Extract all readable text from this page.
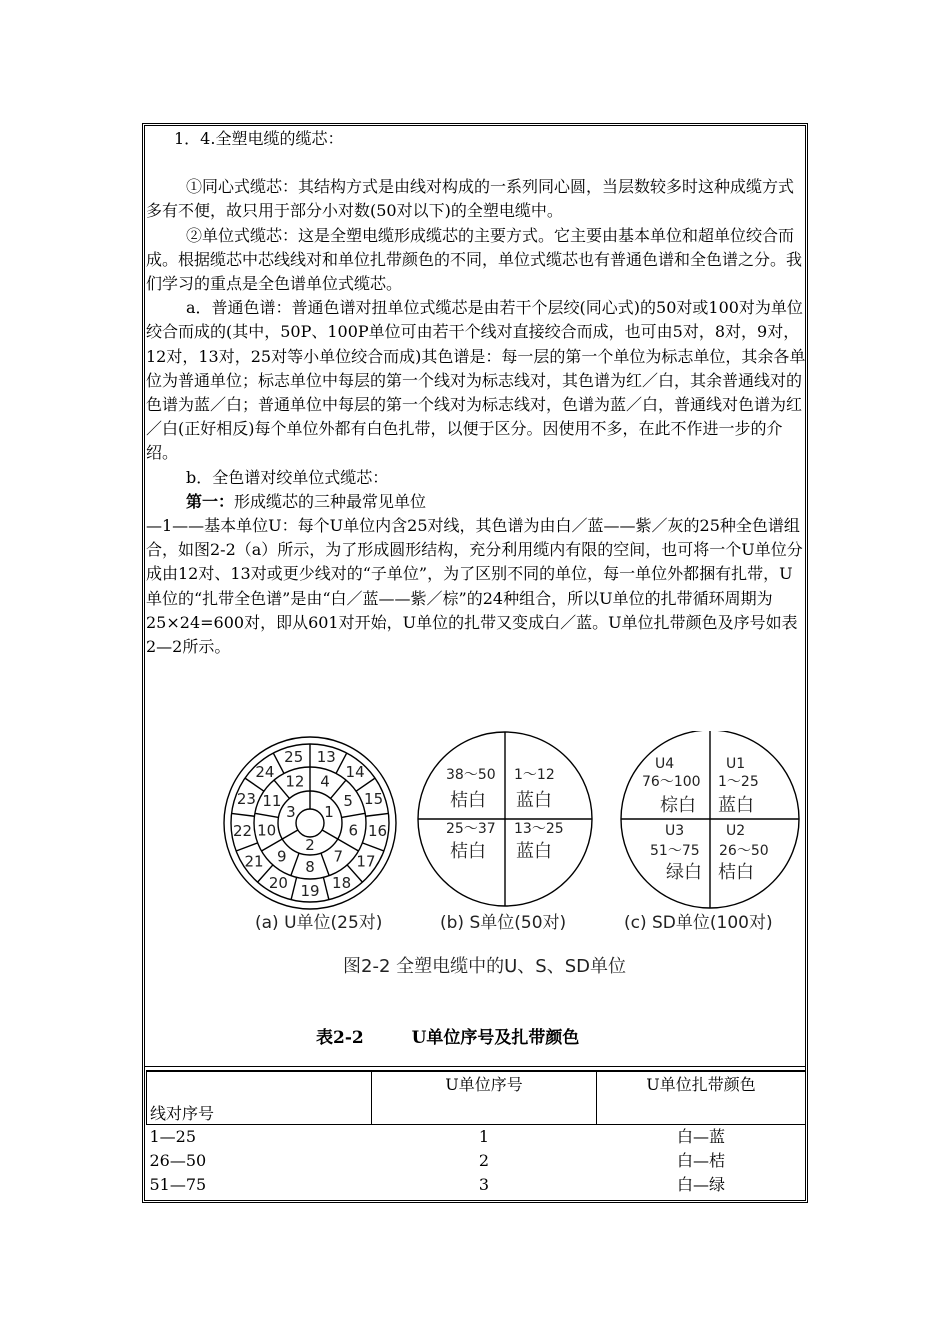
1．4.全塑电缆的缆芯：

①同心式缆芯：其结构方式是由线对构成的一系列同心圆，当层数较多时这种成缆方式多有不便，故只用于部分小对数(50对以下)的全塑电缆中。

②单位式缆芯：这是全塑电缆形成缆芯的主要方式。它主要由基本单位和超单位绞合而成。根据缆芯中芯线线对和单位扎带颜色的不同，单位式缆芯也有普通色谱和全色谱之分。我们学习的重点是全色谱单位式缆芯。

a．普通色谱：普通色谱对扭单位式缆芯是由若干个层绞(同心式)的50对或100对为单位绞合而成的(其中，50P、100P单位可由若干个线对直接绞合而成，也可由5对，8对，9对，12对，13对，25对等小单位绞合而成)其色谱是：每一层的第一个单位为标志单位，其余各单位为普通单位；标志单位中每层的第一个线对为标志线对，其色谱为红／白，其余普通线对的色谱为蓝／白；普通单位中每层的第一个线对为标志线对，色谱为蓝／白，普通线对色谱为红／白(正好相反)每个单位外都有白色扎带，以便于区分。因使用不多，在此不作进一步的介绍。

b．全色谱对绞单位式缆芯：

第一：形成缆芯的三种最常见单位

—1——基本单位U：每个U单位内含25对线，其色谱为由白／蓝——紫／灰的25种全色谱组合，如图2-2（a）所示，为了形成圆形结构，充分利用缆内有限的空间，也可将一个U单位分成由12对、13对或更少线对的“子单位”，为了区别不同的单位，每一单位外都捆有扎带，U单位的“扎带全色谱”是由“白／蓝——紫／棕”的24种组合，所以U单位的扎带循环周期为

25×24=600对，即从601对开始，U单位的扎带又变成白／蓝。U单位扎带颜色及序号如表2—2所示。

1
2
3
4
5
6
7
8
9
10
11
12
13
14
15
16
17
18
19
20
21
22
23
24
25
38～50
桔白
1～12
蓝白
25～37
桔白
13～25
蓝白
U4
76～100
棕白
U1
1～25
蓝白
U3
51～75
绿白
U2
26～50
桔白
(a) U单位(25对)	(b) S单位(50对)	(c) SD单位(100对)
图2-2 全塑电缆中的U、S、SD单位
表2-2	U单位序号及扎带颜色
线对序号	U单位序号	U单位扎带颜色
1—25	1	白—蓝
26—50	2	白—桔
51—75	3	白—绿
